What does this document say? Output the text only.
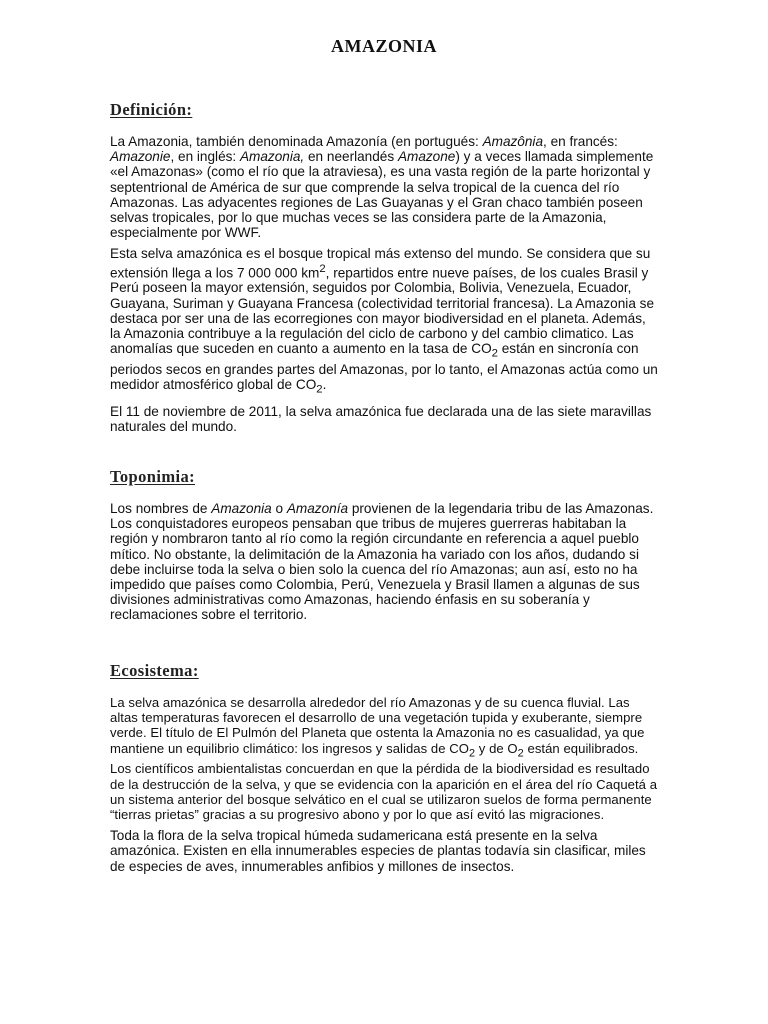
AMAZONIA
Definición:

La Amazonia, también denominada Amazonía (en portugués: Amazônia, en francés: Amazonie, en inglés: Amazonia, en neerlandés Amazone) y a veces llamada simplemente «el Amazonas» (como el río que la atraviesa), es una vasta región de la parte horizontal y septentrional de América de sur que comprende la selva tropical de la cuenca del río Amazonas. Las adyacentes regiones de Las Guayanas y el Gran chaco también poseen selvas tropicales, por lo que muchas veces se las considera parte de la Amazonia, especialmente por WWF.

Esta selva amazónica es el bosque tropical más extenso del mundo. Se considera que su extensión llega a los 7 000 000 $km^2$, repartidos entre nueve países, de los cuales Brasil y Perú poseen la mayor extensión, seguidos por Colombia, Bolivia, Venezuela, Ecuador, Guayana, Suriman y Guayana Francesa (colectividad territorial francesa). La Amazonia se destaca por ser una de las ecorregiones con mayor biodiversidad en el planeta. Además, la Amazonia contribuye a la regulación del ciclo de carbono y del cambio climatico. Las anomalías que suceden en cuanto a aumento en la tasa de $CO_2$ están en sincronía con periodos secos en grandes partes del Amazonas, por lo tanto, el Amazonas actúa como un medidor atmosférico global de $CO_2$.

El 11 de noviembre de 2011, la selva amazónica fue declarada una de las siete maravillas naturales del mundo.

Toponimia:

Los nombres de Amazonia o Amazonía provienen de la legendaria tribu de las Amazonas. Los conquistadores europeos pensaban que tribus de mujeres guerreras habitaban la región y nombraron tanto al río como la región circundante en referencia a aquel pueblo mítico. No obstante, la delimitación de la Amazonia ha variado con los años, dudando si debe incluirse toda la selva o bien solo la cuenca del río Amazonas; aun así, esto no ha impedido que países como Colombia, Perú, Venezuela y Brasil llamen a algunas de sus divisiones administrativas como Amazonas, haciendo énfasis en su soberanía y reclamaciones sobre el territorio.

Ecosistema:

La selva amazónica se desarrolla alrededor del río Amazonas y de su cuenca fluvial. Las altas temperaturas favorecen el desarrollo de una vegetación tupida y exuberante, siempre verde. El título de El Pulmón del Planeta que ostenta la Amazonia no es casualidad, ya que mantiene un equilibrio climático: los ingresos y salidas de $CO_2$ y de $O_2$ están equilibrados. Los científicos ambientalistas concuerdan en que la pérdida de la biodiversidad es resultado de la destrucción de la selva, y que se evidencia con la aparición en el área del río Caquetá a un sistema anterior del bosque selvático en el cual se utilizaron suelos de forma permanente “tierras prietas” gracias a su progresivo abono y por lo que así evitó las migraciones.

Toda la flora de la selva tropical húmeda sudamericana está presente en la selva amazónica. Existen en ella innumerables especies de plantas todavía sin clasificar, miles de especies de aves, innumerables anfibios y millones de insectos.
